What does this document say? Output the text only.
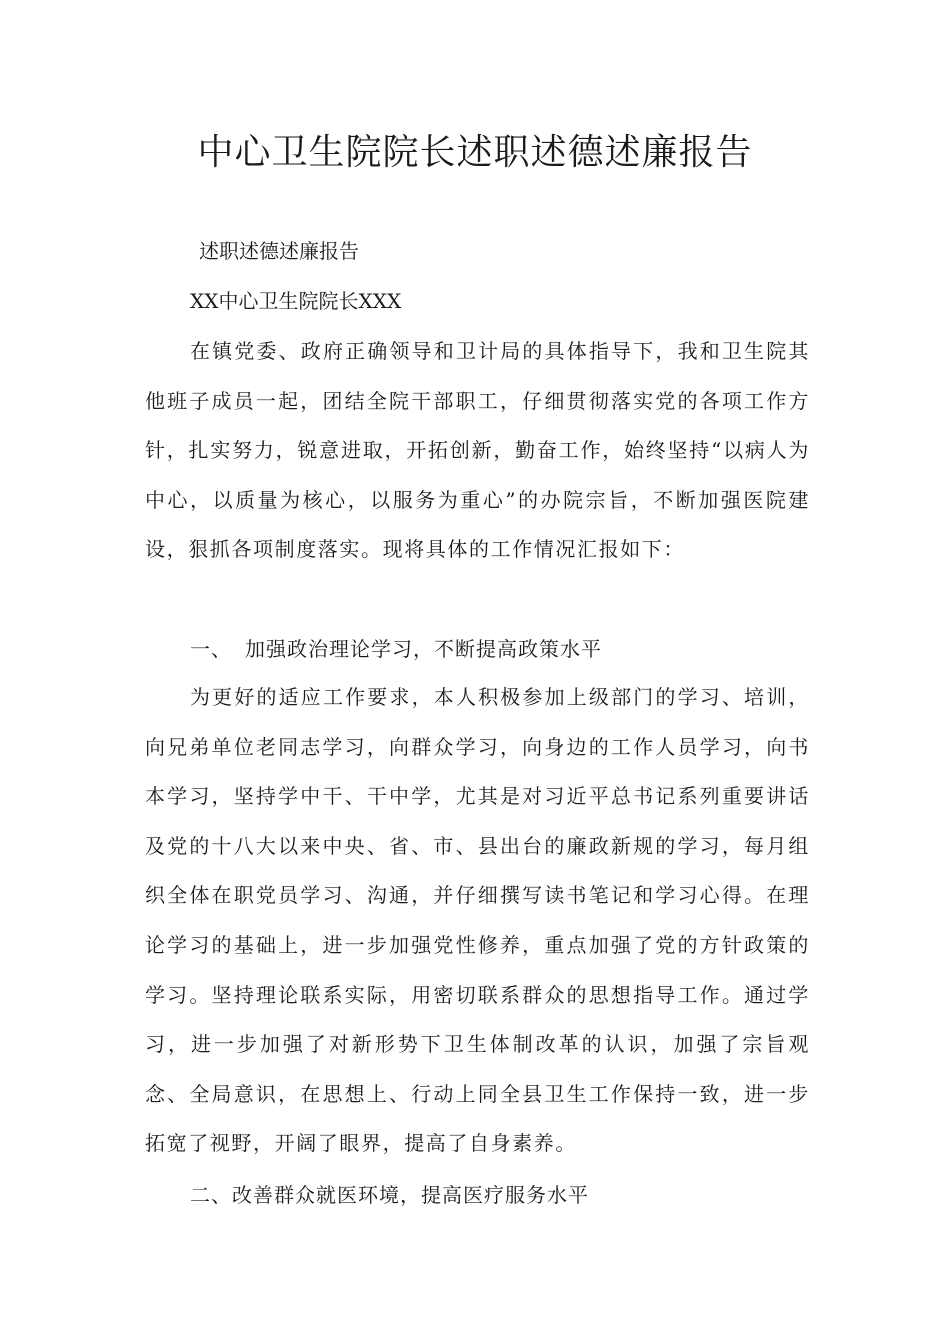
中心卫生院院长述职述德述廉报告

述职述德述廉报告

XX中心卫生院院长XXX

在镇党委、政府正确领导和卫计局的具体指导下，我和卫生院其他班子成员一起，团结全院干部职工，仔细贯彻落实党的各项工作方针，扎实努力，锐意进取，开拓创新，勤奋工作，始终坚持“以病人为中心，以质量为核心，以服务为重心”的办院宗旨，不断加强医院建设，狠抓各项制度落实。现将具体的工作情况汇报如下：

一、 加强政治理论学习，不断提高政策水平

为更好的适应工作要求，本人积极参加上级部门的学习、培训，向兄弟单位老同志学习，向群众学习，向身边的工作人员学习，向书本学习，坚持学中干、干中学，尤其是对习近平总书记系列重要讲话及党的十八大以来中央、省、市、县出台的廉政新规的学习，每月组织全体在职党员学习、沟通，并仔细撰写读书笔记和学习心得。在理论学习的基础上，进一步加强党性修养，重点加强了党的方针政策的学习。坚持理论联系实际，用密切联系群众的思想指导工作。通过学习，进一步加强了对新形势下卫生体制改革的认识，加强了宗旨观念、全局意识，在思想上、行动上同全县卫生工作保持一致，进一步拓宽了视野，开阔了眼界，提高了自身素养。

二、改善群众就医环境，提高医疗服务水平
